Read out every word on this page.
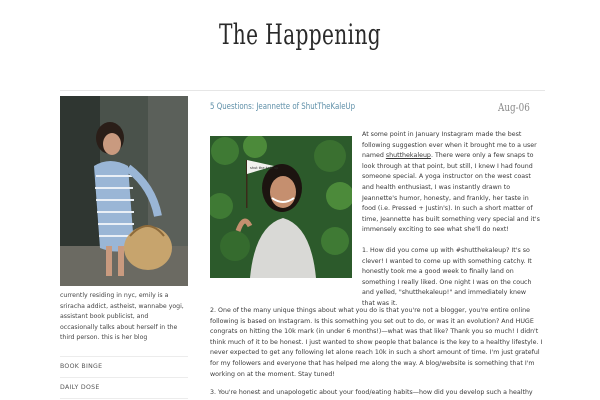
The Happening
currently residing in nyc, emily is a sriracha addict, astheist, wannabe yogi, assistant book publicist, and occasionally talks about herself in the third person. this is her blog
BOOK BINGE
DAILY DOSE
5 Questions: Jeannette of ShutTheKaleUp	Aug-06
shut the kale up
At some point in January Instagram made the best following suggestion ever when it brought me to a user named shutthekaleup. There were only a few snaps to look through at that point, but still, I knew I had found someone special. A yoga instructor on the west coast and health enthusiast, I was instantly drawn to Jeannette's humor, honesty, and frankly, her taste in food (i.e. Pressed + Justin's). In such a short matter of time, Jeannette has built something very special and it's immensely exciting to see what she'll do next!
1. How did you come up with #shutthekaleup? It's so clever! I wanted to come up with something catchy. It honestly took me a good week to finally land on something I really liked. One night I was on the couch and yelled, "shutthekaleup!" and immediately knew that was it.
2. One of the many unique things about what you do is that you're not a blogger, you're entire online following is based on Instagram. Is this something you set out to do, or was it an evolution? And HUGE congrats on hitting the 10k mark (in under 6 months!)—what was that like? Thank you so much! I didn't think much of it to be honest. I just wanted to show people that balance is the key to a healthy lifestyle. I never expected to get any following let alone reach 10k in such a short amount of time. I'm just grateful for my followers and everyone that has helped me along the way. A blog/website is something that I'm working on at the moment. Stay tuned!
3. You're honest and unapologetic about your food/eating habits—how did you develop such a healthy
